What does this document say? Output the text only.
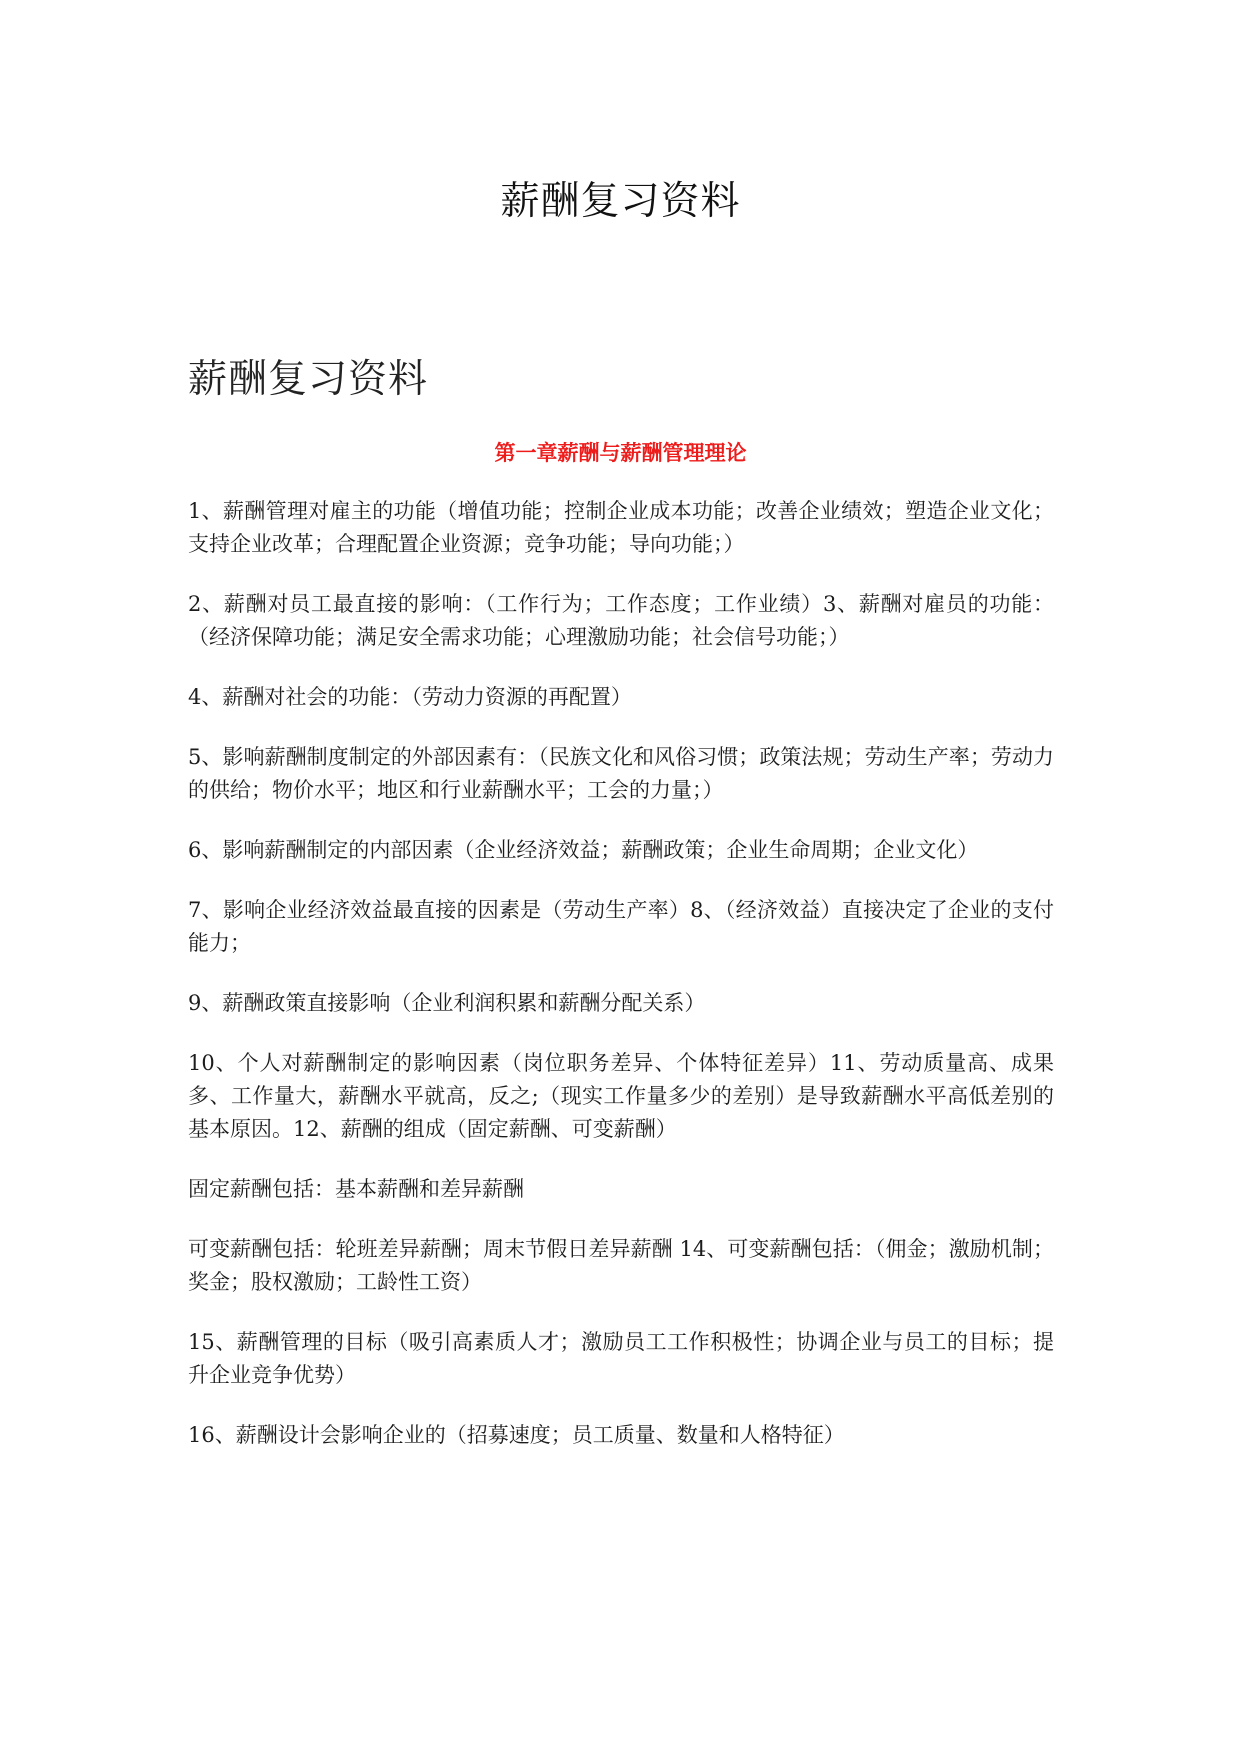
薪酬复习资料
薪酬复习资料
第一章薪酬与薪酬管理理论

1、薪酬管理对雇主的功能（增值功能；控制企业成本功能；改善企业绩效；塑造企业文化；支持企业改革；合理配置企业资源；竞争功能；导向功能；）

2、薪酬对员工最直接的影响：（工作行为；工作态度；工作业绩）3、薪酬对雇员的功能：（经济保障功能；满足安全需求功能；心理激励功能；社会信号功能；）

4、薪酬对社会的功能：（劳动力资源的再配置）

5、影响薪酬制度制定的外部因素有：（民族文化和风俗习惯；政策法规；劳动生产率；劳动力的供给；物价水平；地区和行业薪酬水平；工会的力量；）

6、影响薪酬制定的内部因素（企业经济效益；薪酬政策；企业生命周期；企业文化）

7、影响企业经济效益最直接的因素是（劳动生产率）8、（经济效益）直接决定了企业的支付能力；

9、薪酬政策直接影响（企业利润积累和薪酬分配关系）

10、个人对薪酬制定的影响因素（岗位职务差异、个体特征差异）11、劳动质量高、成果多、工作量大，薪酬水平就高，反之;（现实工作量多少的差别）是导致薪酬水平高低差别的基本原因。12、薪酬的组成（固定薪酬、可变薪酬）

固定薪酬包括：基本薪酬和差异薪酬

可变薪酬包括：轮班差异薪酬；周末节假日差异薪酬 14、可变薪酬包括：（佣金；激励机制；奖金；股权激励；工龄性工资）

15、薪酬管理的目标（吸引高素质人才；激励员工工作积极性；协调企业与员工的目标；提升企业竞争优势）

16、薪酬设计会影响企业的（招募速度；员工质量、数量和人格特征）
